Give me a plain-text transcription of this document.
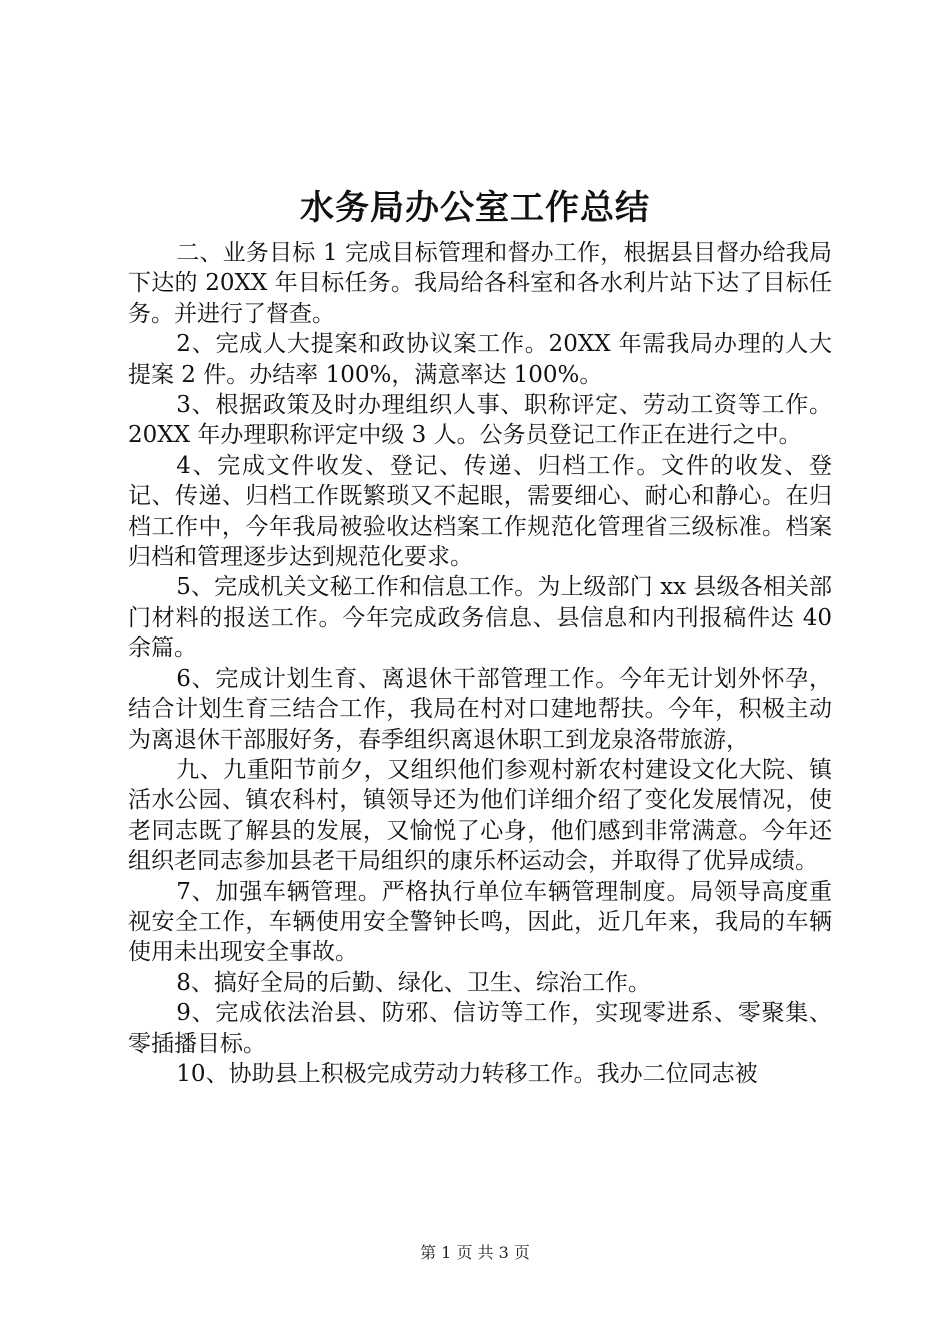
水务局办公室工作总结

二、业务目标 1 完成目标管理和督办工作，根据县目督办给我局下达的 20XX 年目标任务。我局给各科室和各水利片站下达了目标任务。并进行了督查。

2、完成人大提案和政协议案工作。20XX 年需我局办理的人大提案 2 件。办结率 100%，满意率达 100%。

3、根据政策及时办理组织人事、职称评定、劳动工资等工作。20XX 年办理职称评定中级 3 人。公务员登记工作正在进行之中。

4、完成文件收发、登记、传递、归档工作。文件的收发、登记、传递、归档工作既繁琐又不起眼，需要细心、耐心和静心。在归档工作中，今年我局被验收达档案工作规范化管理省三级标准。档案归档和管理逐步达到规范化要求。

5、完成机关文秘工作和信息工作。为上级部门 xx 县级各相关部门材料的报送工作。今年完成政务信息、县信息和内刊报稿件达 40 余篇。

6、完成计划生育、离退休干部管理工作。今年无计划外怀孕，结合计划生育三结合工作，我局在村对口建地帮扶。今年，积极主动为离退休干部服好务，春季组织离退休职工到龙泉洛带旅游，

九、九重阳节前夕，又组织他们参观村新农村建设文化大院、镇活水公园、镇农科村，镇领导还为他们详细介绍了变化发展情况，使老同志既了解县的发展，又愉悦了心身，他们感到非常满意。今年还组织老同志参加县老干局组织的康乐杯运动会，并取得了优异成绩。

7、加强车辆管理。严格执行单位车辆管理制度。局领导高度重视安全工作，车辆使用安全警钟长鸣，因此，近几年来，我局的车辆使用未出现安全事故。

8、搞好全局的后勤、绿化、卫生、综治工作。

9、完成依法治县、防邪、信访等工作，实现零进系、零聚集、零插播目标。

10、协助县上积极完成劳动力转移工作。我办二位同志被

第 1 页 共 3 页
